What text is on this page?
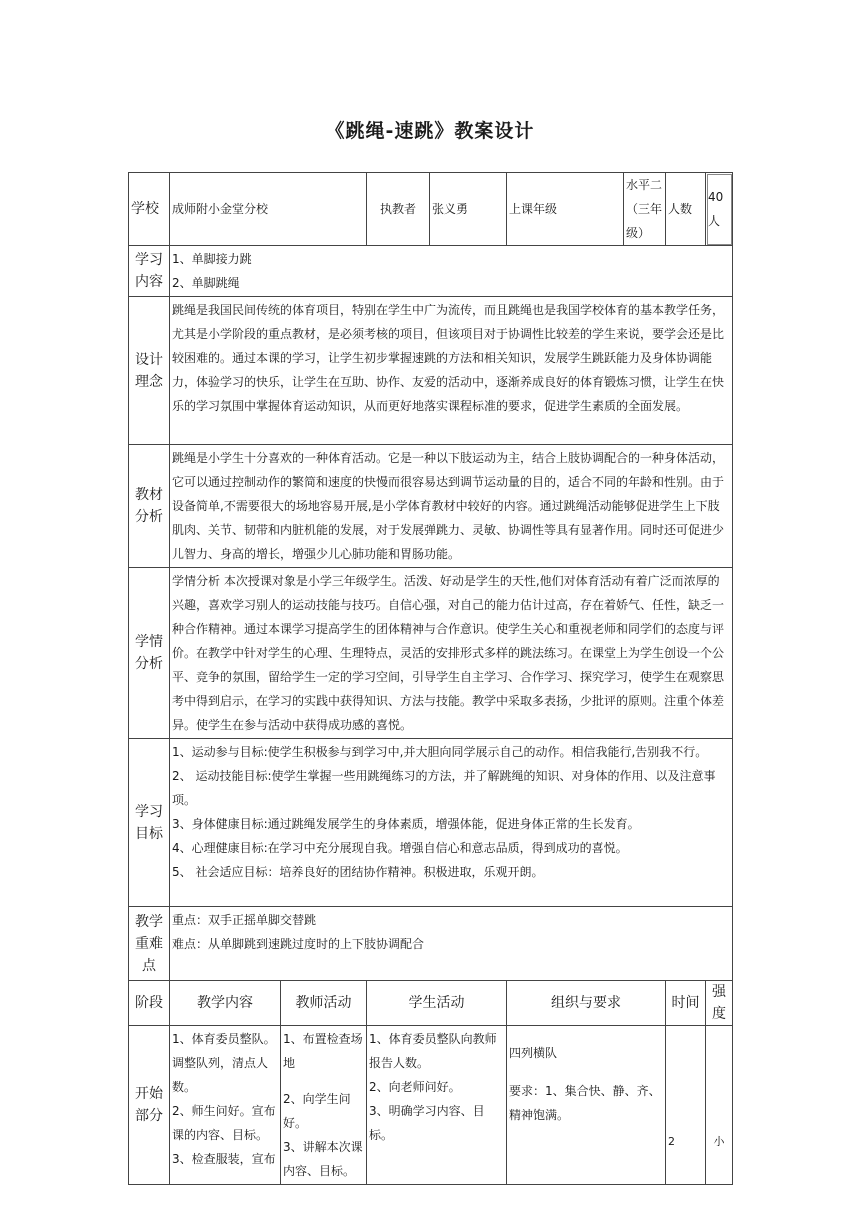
《跳绳-速跳》教案设计
学校	成师附小金堂分校		执教者	张义勇	上课年级	水平二（三年级）	人数	40 人

学习
内容	1、单脚接力跳
2、单脚跳绳							

设计
理念	跳绳是我国民间传统的体育项目，特别在学生中广为流传，而且跳绳也是我国学校体育的基本教学任务，尤其是小学阶段的重点教材，是必须考核的项目，但该项目对于协调性比较差的学生来说，要学会还是比较困难的。通过本课的学习，让学生初步掌握速跳的方法和相关知识，发展学生跳跃能力及身体协调能力，体验学习的快乐，让学生在互助、协作、友爱的活动中，逐渐养成良好的体育锻炼习惯，让学生在快乐的学习氛围中掌握体育运动知识，从而更好地落实课程标准的要求，促进学生素质的全面发展。							

教材
分析	跳绳是小学生十分喜欢的一种体育活动。它是一种以下肢运动为主，结合上肢协调配合的一种身体活动，它可以通过控制动作的繁简和速度的快慢而很容易达到调节运动量的目的，适合不同的年龄和性别。由于设备简单,不需要很大的场地容易开展,是小学体育教材中较好的内容。通过跳绳活动能够促进学生上下肢肌肉、关节、韧带和内脏机能的发展，对于发展弹跳力、灵敏、协调性等具有显著作用。同时还可促进少儿智力、身高的增长，增强少儿心肺功能和胃肠功能。							

学情
分析	学情分析 本次授课对象是小学三年级学生。活泼、好动是学生的天性,他们对体育活动有着广泛而浓厚的兴趣，喜欢学习别人的运动技能与技巧。自信心强，对自己的能力估计过高，存在着娇气、任性，缺乏一种合作精神。通过本课学习提高学生的团体精神与合作意识。使学生关心和重视老师和同学们的态度与评价。在教学中针对学生的心理、生理特点，灵活的安排形式多样的跳法练习。在课堂上为学生创设一个公平、竞争的氛围，留给学生一定的学习空间，引导学生自主学习、合作学习、探究学习，使学生在观察思考中得到启示，在学习的实践中获得知识、方法与技能。教学中采取多表扬，少批评的原则。注重个体差异。使学生在参与活动中获得成功感的喜悦。							

学习
目标	1、运动参与目标:使学生积极参与到学习中,并大胆向同学展示自己的动作。相信我能行,告别我不行。
2、 运动技能目标:使学生掌握一些用跳绳练习的方法，并了解跳绳的知识、对身体的作用、以及注意事项。
3、身体健康目标:通过跳绳发展学生的身体素质，增强体能，促进身体正常的生长发育。
4、心理健康目标:在学习中充分展现自我。增强自信心和意志品质，得到成功的喜悦。
5、 社会适应目标：培养良好的团结协作精神。积极进取，乐观开朗。							

教学
重难
点	重点：双手正摇单脚交替跳
难点：从单脚跳到速跳过度时的上下肢协调配合							

阶段	教学内容	教师活动	学生活动		组织与要求		时间	强度

开始
部分	1、体育委员整队。调整队列，清点人数。
2、师生问好。宣布课的内容、目标。
3、检查服装，宣布	1、布置检查场地
2、向学生问好。
3、讲解本次课内容、目标。	1、体育委员整队向教师报告人数。
2、向老师问好。
3、明确学习内容、目标。		四列横队
要求：1、集合快、静、齐、精神饱满。		2	小
